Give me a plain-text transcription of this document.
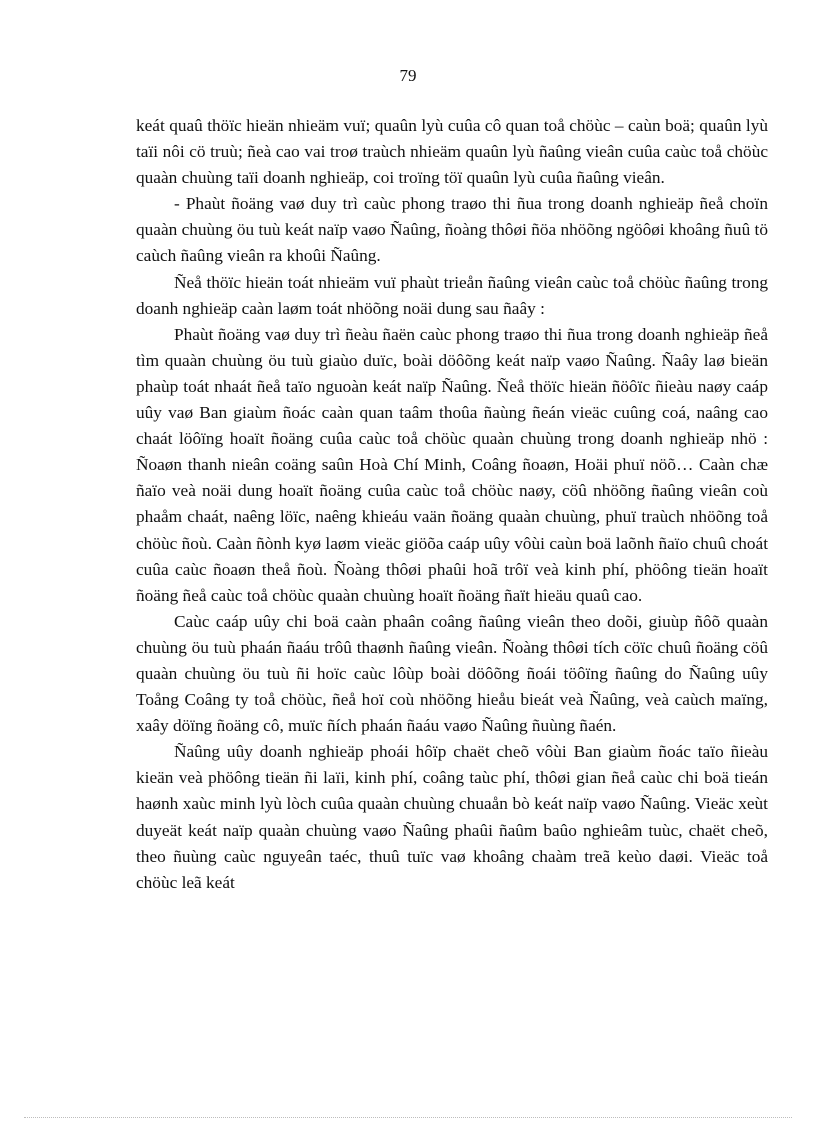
79

keát quaû thöïc hieän nhieäm vuï; quaûn lyù cuûa cô quan toå chöùc – caùn boä; quaûn lyù taïi nôi cö truù; ñeà cao vai troø traùch nhieäm quaûn lyù ñaûng vieân cuûa caùc toå chöùc quaàn chuùng taïi doanh nghieäp, coi troïng töï quaûn lyù cuûa ñaûng vieân.

- Phaùt ñoäng vaø duy trì caùc phong traøo thi ñua trong doanh nghieäp ñeå choïn quaàn chuùng öu tuù keát naïp vaøo Ñaûng, ñoàng thôøi ñöa nhöõng ngöôøi khoâng ñuû tö caùch ñaûng vieân ra khoûi Ñaûng.

Ñeå thöïc hieän toát nhieäm vuï phaùt trieån ñaûng vieân caùc toå chöùc ñaûng trong doanh nghieäp caàn laøm toát nhöõng noäi dung sau ñaây :

Phaùt ñoäng vaø duy trì ñeàu ñaën caùc phong traøo thi ñua trong doanh nghieäp ñeå tìm quaàn chuùng öu tuù giaùo duïc, boài döôõng keát naïp vaøo Ñaûng. Ñaây laø bieän phaùp toát nhaát ñeå taïo nguoàn keát naïp Ñaûng. Ñeå thöïc hieän ñöôïc ñieàu naøy caáp uûy vaø Ban giaùm ñoác caàn quan taâm thoûa ñaùng ñeán vieäc cuûng coá, naâng cao chaát löôïng hoaït ñoäng cuûa caùc toå chöùc quaàn chuùng trong doanh nghieäp nhö : Ñoaøn thanh nieân coäng saûn Hoà Chí Minh, Coâng ñoaøn, Hoäi phuï nöõ… Caàn chæ ñaïo veà noäi dung hoaït ñoäng cuûa caùc toå chöùc naøy, cöû nhöõng ñaûng vieân coù phaåm chaát, naêng löïc, naêng khieáu vaän ñoäng quaàn chuùng, phuï traùch nhöõng toå chöùc ñoù. Caàn ñònh kyø laøm vieäc giöõa caáp uûy vôùi caùn boä laõnh ñaïo chuû choát cuûa caùc ñoaøn theå ñoù. Ñoàng thôøi phaûi hoã trôï veà kinh phí, phöông tieän hoaït ñoäng ñeå caùc toå chöùc quaàn chuùng hoaït ñoäng ñaït hieäu quaû cao.

Caùc caáp uûy chi boä caàn phaân coâng ñaûng vieân theo doõi, giuùp ñôõ quaàn chuùng öu tuù phaán ñaáu trôû thaønh ñaûng vieân. Ñoàng thôøi tích cöïc chuû ñoäng cöû quaàn chuùng öu tuù ñi hoïc caùc lôùp boài döôõng ñoái töôïng ñaûng do Ñaûng uûy Toång Coâng ty toå chöùc, ñeå hoï coù nhöõng hieåu bieát veà Ñaûng, veà caùch maïng, xaây döïng ñoäng cô, muïc ñích phaán ñaáu vaøo Ñaûng ñuùng ñaén.

Ñaûng uûy doanh nghieäp phoái hôïp chaët cheõ vôùi Ban giaùm ñoác taïo ñieàu kieän veà phöông tieän ñi laïi, kinh phí, coâng taùc phí, thôøi gian ñeå caùc chi boä tieán haønh xaùc minh lyù lòch cuûa quaàn chuùng chuaån bò keát naïp vaøo Ñaûng. Vieäc xeùt duyeät keát naïp quaàn chuùng vaøo Ñaûng phaûi ñaûm baûo nghieâm tuùc, chaët cheõ, theo ñuùng caùc nguyeân taéc, thuû tuïc vaø khoâng chaàm treã keùo daøi. Vieäc toå chöùc leã keát
